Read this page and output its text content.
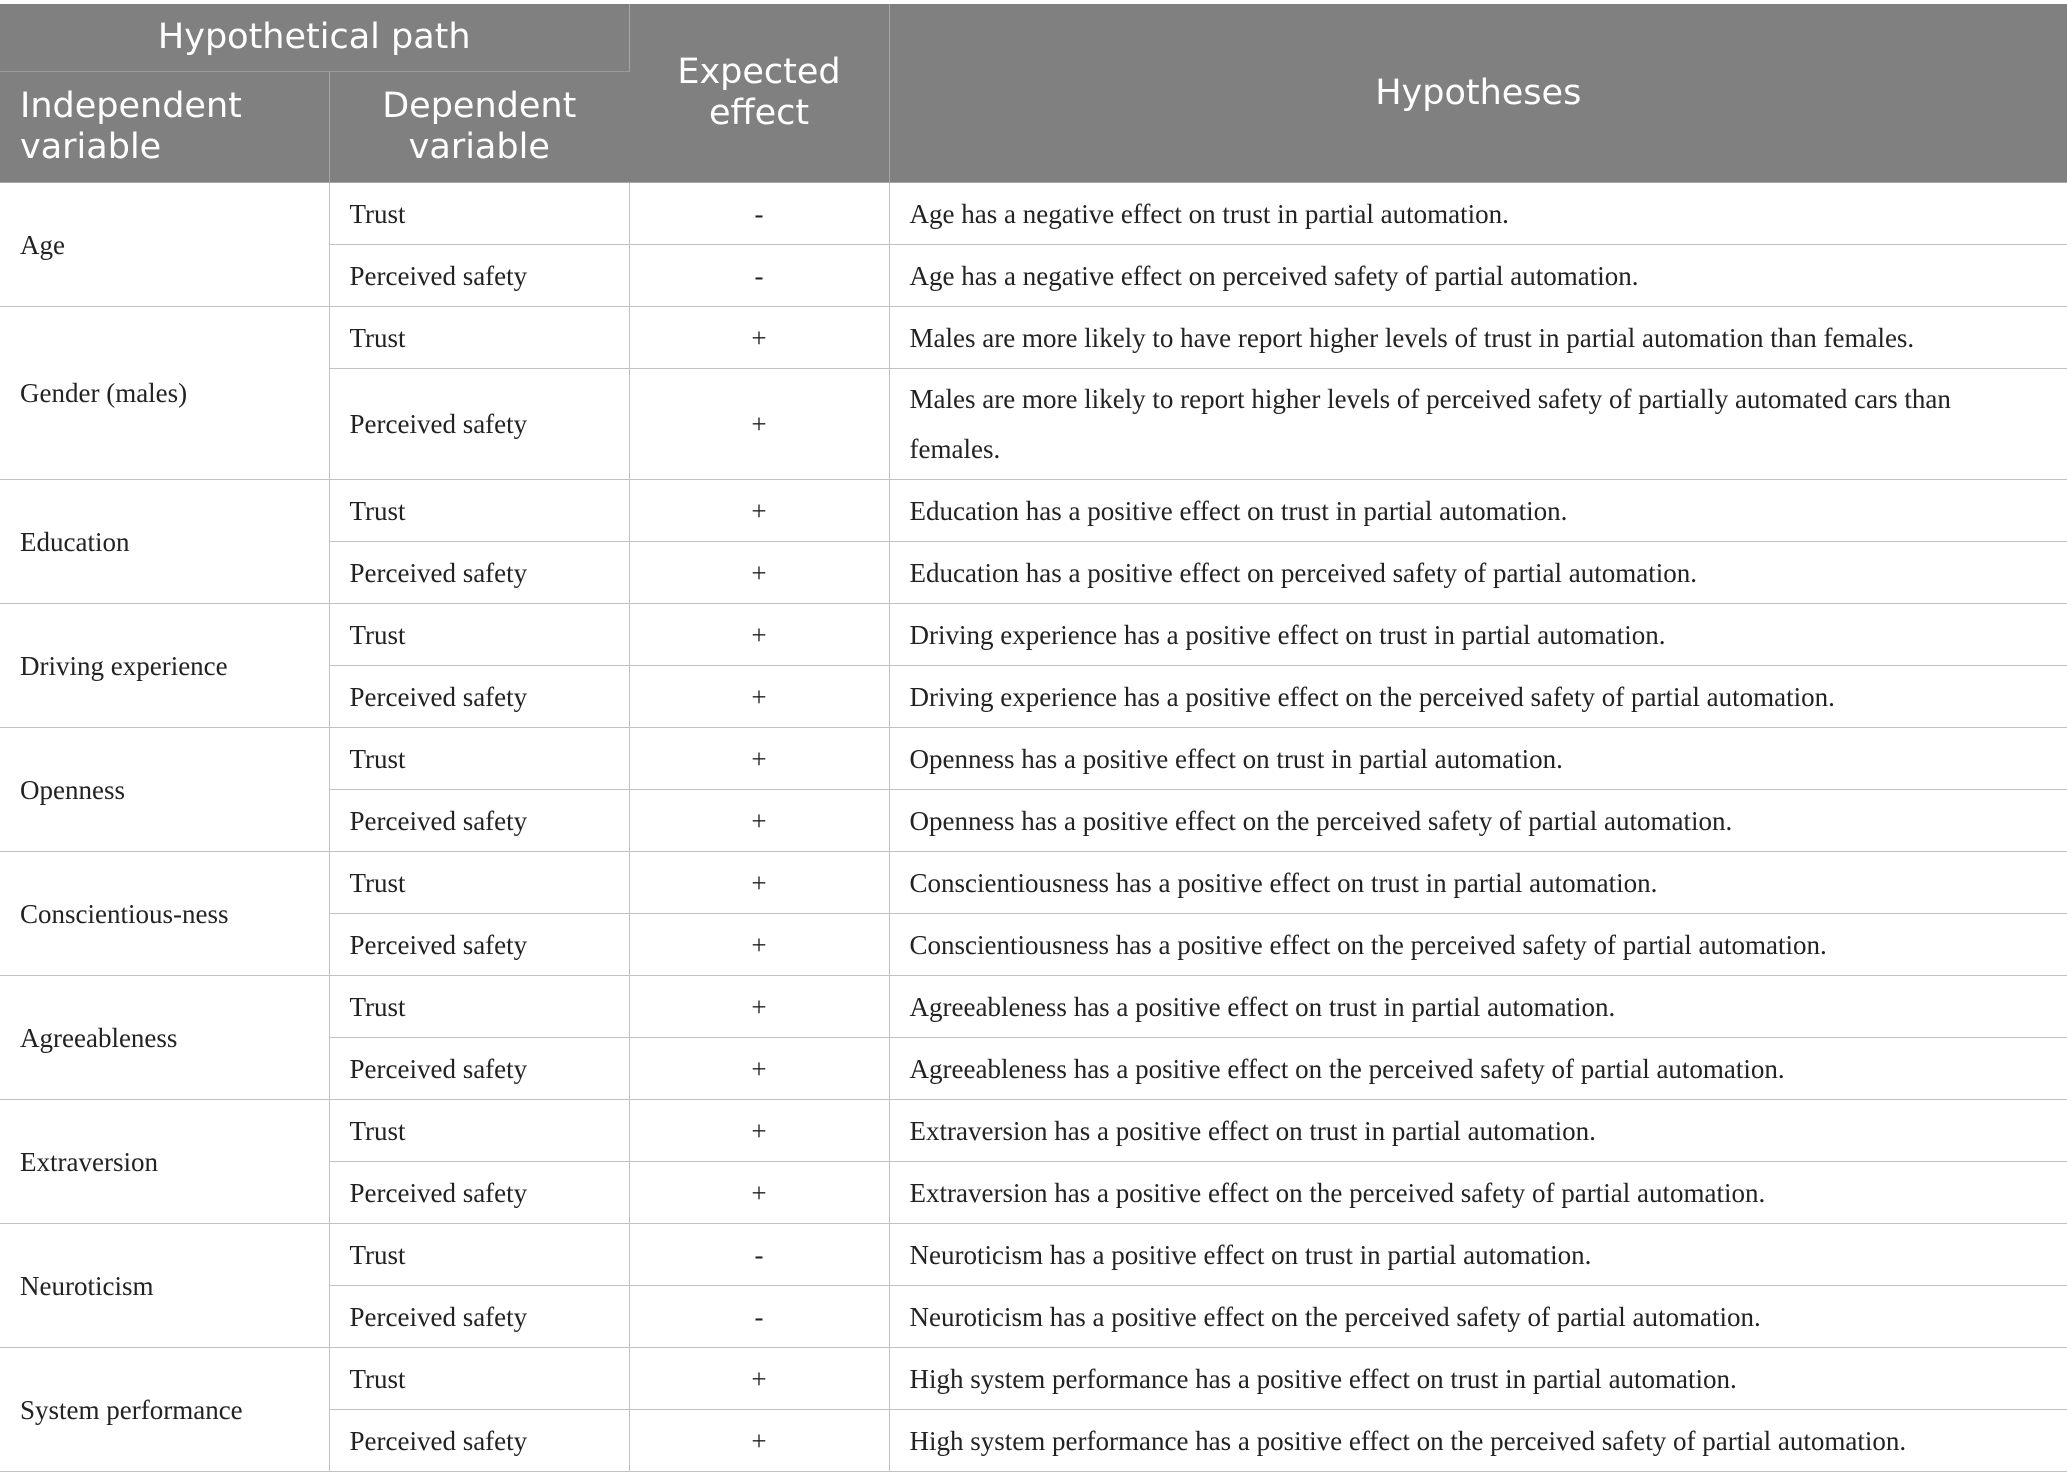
Hypothetical path		Expected effect	Hypotheses
Independent variable	Dependent variable		
Age	Trust	-	Age has a negative effect on trust in partial automation.
	Perceived safety	-	Age has a negative effect on perceived safety of partial automation.
Gender (males)	Trust	+	Males are more likely to have report higher levels of trust in partial automation than females.
	Perceived safety	+	Males are more likely to report higher levels of perceived safety of partially automated cars than females.
Education	Trust	+	Education has a positive effect on trust in partial automation.
	Perceived safety	+	Education has a positive effect on perceived safety of partial automation.
Driving experience	Trust	+	Driving experience has a positive effect on trust in partial automation.
	Perceived safety	+	Driving experience has a positive effect on the perceived safety of partial automation.
Openness	Trust	+	Openness has a positive effect on trust in partial automation.
	Perceived safety	+	Openness has a positive effect on the perceived safety of partial automation.
Conscientious-ness	Trust	+	Conscientiousness has a positive effect on trust in partial automation.
	Perceived safety	+	Conscientiousness has a positive effect on the perceived safety of partial automation.
Agreeableness	Trust	+	Agreeableness has a positive effect on trust in partial automation.
	Perceived safety	+	Agreeableness has a positive effect on the perceived safety of partial automation.
Extraversion	Trust	+	Extraversion has a positive effect on trust in partial automation.
	Perceived safety	+	Extraversion has a positive effect on the perceived safety of partial automation.
Neuroticism	Trust	-	Neuroticism has a positive effect on trust in partial automation.
	Perceived safety	-	Neuroticism has a positive effect on the perceived safety of partial automation.
System performance	Trust	+	High system performance has a positive effect on trust in partial automation.
	Perceived safety	+	High system performance has a positive effect on the perceived safety of partial automation.
